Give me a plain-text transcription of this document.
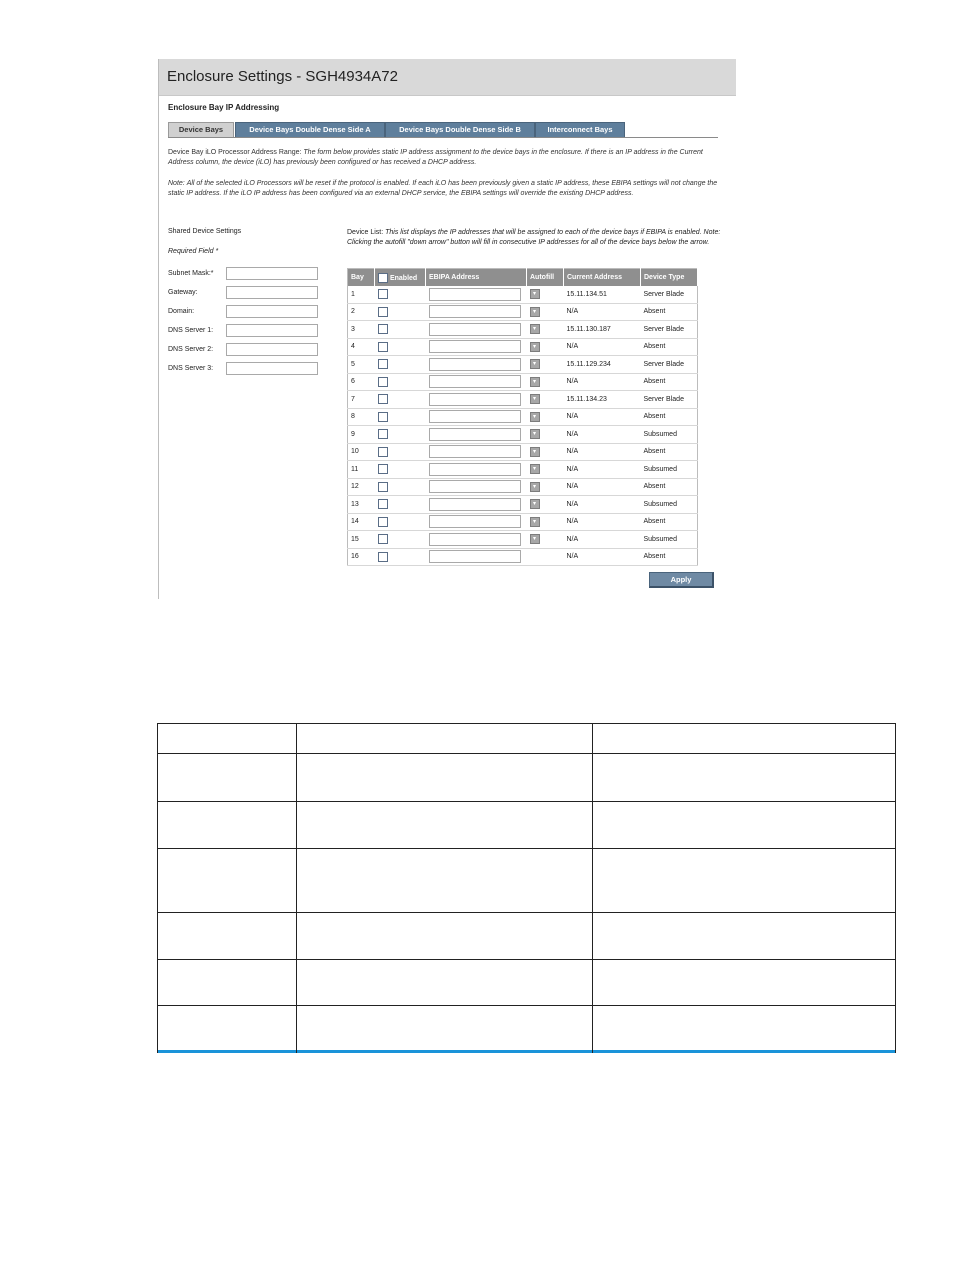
Enclosure Settings - SGH4934A72
Enclosure Bay IP Addressing
Device Bays	Device Bays Double Dense Side A	Device Bays Double Dense Side B	Interconnect Bays
Device Bay iLO Processor Address Range: The form below provides static IP address assignment to the device bays in the enclosure. If there is an IP address in the Current Address column, the device (iLO) has previously been configured or has received a DHCP address.
Note: All of the selected iLO Processors will be reset if the protocol is enabled. If each iLO has been previously given a static IP address, these EBIPA settings will not change the static IP address. If the iLO IP address has been configured via an external DHCP service, the EBIPA settings will override the existing DHCP address.
Shared Device Settings
Required Field *
Subnet Mask:*
Gateway:
Domain:
DNS Server 1:
DNS Server 2:
DNS Server 3:
Device List: This list displays the IP addresses that will be assigned to each of the device bays if EBIPA is enabled. Note: Clicking the autofill "down arrow" button will fill in consecutive IP addresses for all of the device bays below the arrow.
Bay	Enabled	EBIPA Address	Autofill	Current Address	Device Type
1			▾	15.11.134.51	Server Blade
2			▾	N/A	Absent
3			▾	15.11.130.187	Server Blade
4			▾	N/A	Absent
5			▾	15.11.129.234	Server Blade
6			▾	N/A	Absent
7			▾	15.11.134.23	Server Blade
8			▾	N/A	Absent
9			▾	N/A	Subsumed
10			▾	N/A	Absent
11			▾	N/A	Subsumed
12			▾	N/A	Absent
13			▾	N/A	Subsumed
14			▾	N/A	Absent
15			▾	N/A	Subsumed
16				N/A	Absent
Apply
